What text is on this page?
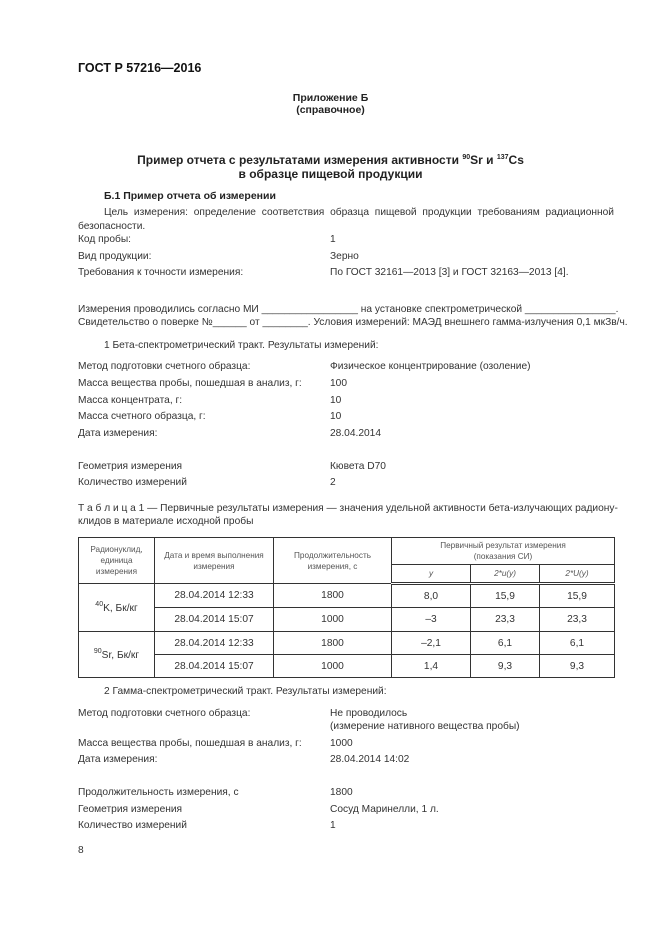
ГОСТ Р 57216—2016
Приложение Б
(справочное)
Пример отчета с результатами измерения активности $^{90}$Sr и $^{137}$Cs
в образце пищевой продукции
Б.1 Пример отчета об измерении
Цель измерения: определение соответствия образца пищевой продукции требованиям радиационной безопасности.
Код пробы:	1
Вид продукции:	Зерно
Требования к точности измерения:	По ГОСТ 32161—2013 [3] и ГОСТ 32163—2013 [4].
Измерения проводились согласно МИ _________________ на установке спектрометрической ________________.
Свидетельство о поверке №______ от ________. Условия измерений: МАЭД внешнего гамма-излучения 0,1 мкЗв/ч.
1 Бета-спектрометрический тракт. Результаты измерений:
Метод подготовки счетного образца:	Физическое концентрирование (озоление)
Масса вещества пробы, пошедшая в анализ, г:	100
Масса концентрата, г:	10
Масса счетного образца, г:	10
Дата измерения:	28.04.2014
Геометрия измерения	Кювета D70
Количество измерений	2
Т а б л и ц а 1 — Первичные результаты измерения — значения удельной активности бета-излучающих радиону-
клидов в материале исходной пробы
Радионуклид, единица измерения	Дата и время выполнения измерения	Продолжительность измерения, с	Первичный результат измерения
(показания СИ)		

			y	2*u(y)	2*U(y)
$^{40}$K, Бк/кг	28.04.2014 12:33	1800	8,0	15,9	15,9
	28.04.2014 15:07	1000	–3	23,3	23,3
$^{90}$Sr, Бк/кг	28.04.2014 12:33	1800	–2,1	6,1	6,1
	28.04.2014 15:07	1000	1,4	9,3	9,3
2 Гамма-спектрометрический тракт. Результаты измерений:
Метод подготовки счетного образца:	Не проводилось
(измерение нативного вещества пробы)
Масса вещества пробы, пошедшая в анализ, г:	1000
Дата измерения:	28.04.2014 14:02
Продолжительность измерения, с	1800
Геометрия измерения	Сосуд Маринелли, 1 л.
Количество измерений	1
8
